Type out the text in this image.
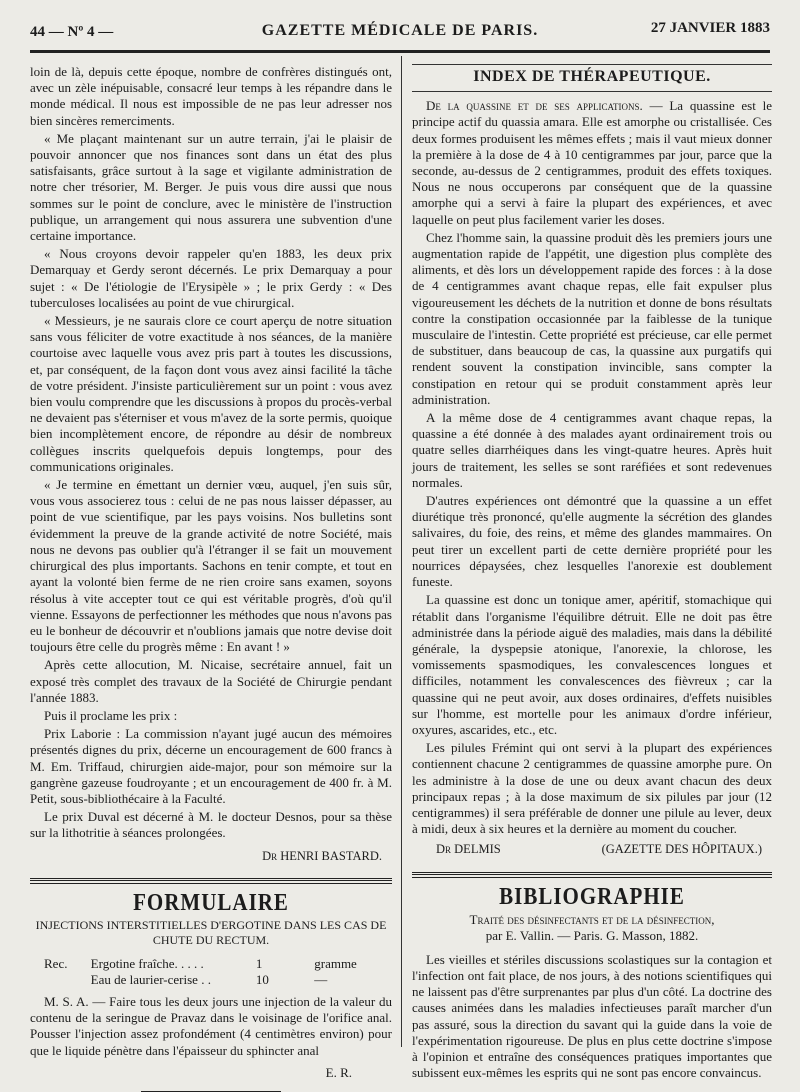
44 — Nº 4 —	GAZETTE MÉDICALE DE PARIS.	27 JANVIER 1883

loin de là, depuis cette époque, nombre de confrères distingués ont, avec un zèle inépuisable, consacré leur temps à les répandre dans le monde médical. Il nous est impossible de ne pas leur adresser nos bien sincères remerciments.

« Me plaçant maintenant sur un autre terrain, j'ai le plaisir de pouvoir annoncer que nos finances sont dans un état des plus satisfaisants, grâce surtout à la sage et vigilante administration de notre cher trésorier, M. Berger. Je puis vous dire aussi que nous sommes sur le point de conclure, avec le ministère de l'instruction publique, un arrangement qui nous assurera une subvention d'une certaine importance.

« Nous croyons devoir rappeler qu'en 1883, les deux prix Demarquay et Gerdy seront décernés. Le prix Demarquay a pour sujet : « De l'étiologie de l'Erysipèle » ; le prix Gerdy : « Des tuberculoses localisées au point de vue chirurgical.

« Messieurs, je ne saurais clore ce court aperçu de notre situation sans vous féliciter de votre exactitude à nos séances, de la manière courtoise avec laquelle vous avez pris part à toutes les discussions, et, par conséquent, de la façon dont vous avez ainsi facilité la tâche de votre président. J'insiste particulièrement sur un point : vous avez bien voulu comprendre que les discussions à propos du procès-verbal ne devaient pas s'éterniser et vous m'avez de la sorte permis, quoique bien incomplètement encore, de répondre au désir de nombreux collègues inscrits quelquefois depuis longtemps, pour des communications originales.

« Je termine en émettant un dernier vœu, auquel, j'en suis sûr, vous vous associerez tous : celui de ne pas nous laisser dépasser, au point de vue scientifique, par les pays voisins. Nos bulletins sont évidemment la preuve de la grande activité de notre Société, mais nous ne devons pas oublier qu'à l'étranger il se fait un mouvement chirurgical des plus importants. Sachons en tenir compte, et tout en ayant la volonté bien ferme de ne rien croire sans examen, soyons résolus à vite accepter tout ce qui est véritable progrès, d'où qu'il vienne. Essayons de perfectionner les méthodes que nous n'avons pas eu le bonheur de découvrir et n'oublions jamais que notre devise doit toujours être celle du progrès même : En avant ! »

Après cette allocution, M. Nicaise, secrétaire annuel, fait un exposé très complet des travaux de la Société de Chirurgie pendant l'année 1883.

Puis il proclame les prix :

Prix Laborie : La commission n'ayant jugé aucun des mémoires présentés dignes du prix, décerne un encouragement de 600 francs à M. Em. Triffaud, chirurgien aide-major, pour son mémoire sur la gangrène gazeuse foudroyante ; et un encouragement de 400 fr. à M. Petit, sous-bibliothécaire à la Faculté.

Le prix Duval est décerné à M. le docteur Desnos, pour sa thèse sur la lithotritie à séances prolongées.

Dr HENRI BASTARD.
FORMULAIRE
INJECTIONS INTERSTITIELLES D'ERGOTINE DANS LES CAS DE CHUTE DU RECTUM.
Rec.	Ergotine fraîche. . . . .	1	gramme
Eau de laurier-cerise . .	10	—

M. S. A. — Faire tous les deux jours une injection de la valeur du contenu de la seringue de Pravaz dans le voisinage de l'orifice anal. Pousser l'injection assez profondément (4 centimètres environ) pour que le liquide pénètre dans l'épaisseur du sphincter anal

E. R.
INDEX DE THÉRAPEUTIQUE.

De la quassine et de ses applications. — La quassine est le principe actif du quassia amara. Elle est amorphe ou cristallisée. Ces deux formes produisent les mêmes effets ; mais il vaut mieux donner la première à la dose de 4 à 10 centigrammes par jour, parce que la seconde, au-dessus de 2 centigrammes, produit des effets toxiques. Nous ne nous occuperons par conséquent que de la quassine amorphe qui a servi à faire la plupart des expériences, et avec laquelle on peut plus facilement varier les doses.

Chez l'homme sain, la quassine produit dès les premiers jours une augmentation rapide de l'appétit, une digestion plus complète des aliments, et dès lors un développement rapide des forces : à la dose de 4 centigrammes avant chaque repas, elle fait expulser plus vigoureusement les déchets de la nutrition et donne de bons résultats contre la constipation occasionnée par la faiblesse de la tunique musculaire de l'intestin. Cette propriété est précieuse, car elle permet de substituer, dans beaucoup de cas, la quassine aux purgatifs qui rendent souvent la constipation invincible, sans compter la constipation en retour qui se produit constamment après leur administration.

A la même dose de 4 centigrammes avant chaque repas, la quassine a été donnée à des malades ayant ordinairement trois ou quatre selles diarrhéiques dans les vingt-quatre heures. Après huit jours de traitement, les selles se sont raréfiées et sont redevenues normales.

D'autres expériences ont démontré que la quassine a un effet diurétique très prononcé, qu'elle augmente la sécrétion des glandes salivaires, du foie, des reins, et même des glandes mammaires. On peut tirer un excellent parti de cette dernière propriété pour les nourrices dépaysées, chez lesquelles l'anorexie est doublement funeste.

La quassine est donc un tonique amer, apéritif, stomachique qui rétablit dans l'organisme l'équilibre détruit. Elle ne doit pas être administrée dans la période aiguë des maladies, mais dans la débilité générale, la dyspepsie atonique, l'anorexie, la chlorose, les vomissements spasmodiques, les convalescences longues et difficiles, notamment les convalescences des fièvreux ; car la quassine qui ne peut avoir, aux doses ordinaires, d'effets nuisibles sur l'homme, est mortelle pour les animaux d'ordre inférieur, oxyures, ascarides, etc., etc.

Les pilules Frémint qui ont servi à la plupart des expériences contiennent chacune 2 centigrammes de quassine amorphe pure. On les administre à la dose de une ou deux avant chacun des deux principaux repas ; à la dose maximum de six pilules par jour (12 centigrammes) il sera préférable de donner une pilule au lever, deux à midi, deux à six heures et la dernière au moment du coucher.

Dr DELMIS	(GAZETTE DES HÔPITAUX.)
BIBLIOGRAPHIE
Traité des désinfectants et de la désinfection,
par E. Vallin. — Paris. G. Masson, 1882.

Les vieilles et stériles discussions scolastiques sur la contagion et l'infection ont fait place, de nos jours, à des notions scientifiques qui ne laissent pas d'être surprenantes par plus d'un côté. La doctrine des causes animées dans les maladies infectieuses paraît marcher d'un pas assuré, sous la direction du savant qui la guide dans la voie de l'expérimentation rigoureuse. De plus en plus cette doctrine s'impose à l'opinion et entraîne des conséquences pratiques importantes que subissent eux-mêmes les esprits qui ne sont pas encore convaincus.
